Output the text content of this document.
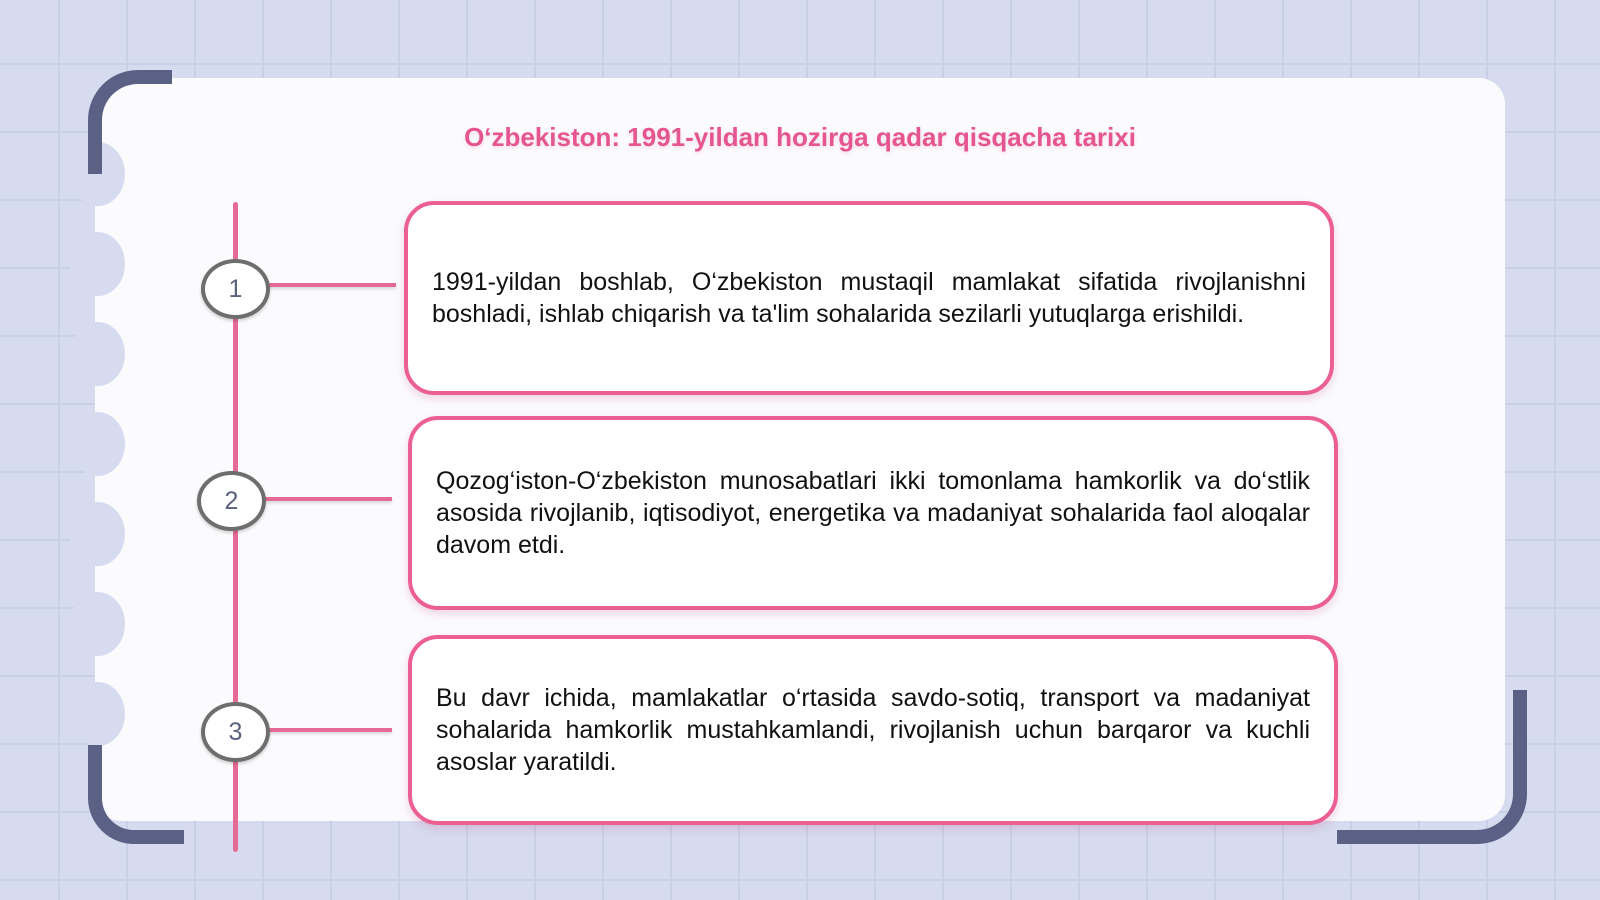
Oʻzbekiston: 1991-yildan hozirga qadar qisqacha tarixi
1
2
3

1991-yildan boshlab, O‘zbekiston mustaqil mamlakat sifatida rivojlanishni boshladi, ishlab chiqarish va ta'lim sohalarida sezilarli yutuqlarga erishildi.

Qozog‘iston-O‘zbekiston munosabatlari ikki tomonlama hamkorlik va do‘stlik asosida rivojlanib, iqtisodiyot, energetika va madaniyat sohalarida faol aloqalar davom etdi.

Bu davr ichida, mamlakatlar o‘rtasida savdo-sotiq, transport va madaniyat sohalarida hamkorlik mustahkamlandi, rivojlanish uchun barqaror va kuchli asoslar yaratildi.
